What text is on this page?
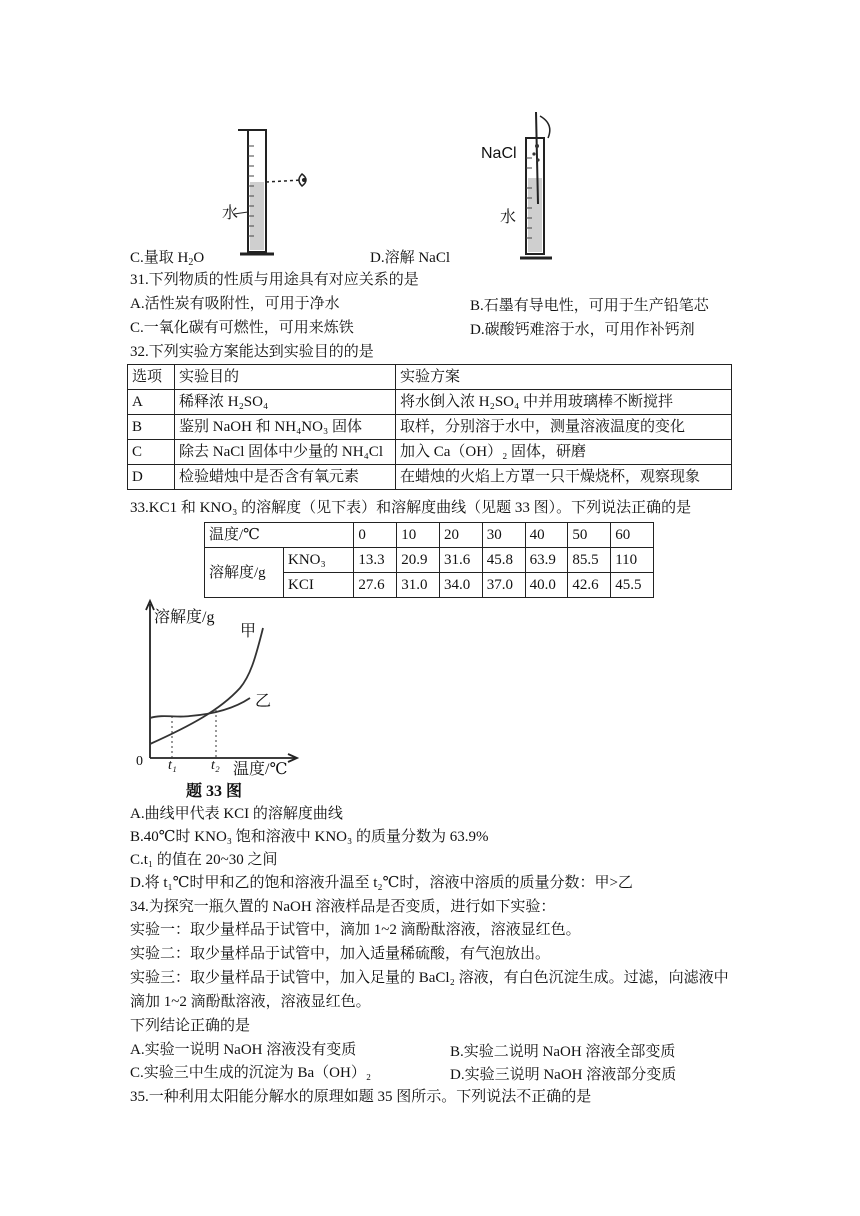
水
C.量取 $H_2O$
NaCl
水
D.溶解 NaCl
31.下列物质的性质与用途具有对应关系的是
A.活性炭有吸附性，可用于净水	B.石墨有导电性，可用于生产铅笔芯
C.一氧化碳有可燃性，可用来炼铁	D.碳酸钙难溶于水，可用作补钙剂
32.下列实验方案能达到实验目的的是
选项	实验目的	实验方案
A	稀释浓 H₂SO₄	将水倒入浓 H₂SO₄ 中并用玻璃棒不断搅拌
B	鉴别 NaOH 和 NH₄NO₃ 固体	取样，分别溶于水中，测量溶液温度的变化
C	除去 NaCl 固体中少量的 NH₄Cl	加入 Ca（OH）₂ 固体，研磨
D	检验蜡烛中是否含有氧元素	在蜡烛的火焰上方罩一只干燥烧杯，观察现象
33.KC1 和 KNO₃ 的溶解度（见下表）和溶解度曲线（见题 33 图）。下列说法正确的是
温度/℃		0	10	20	30	40	50	60
溶解度/g	KNO₃	13.3	20.9	31.6	45.8	63.9	85.5	110
	KCI	27.6	31.0	34.0	37.0	40.0	42.6	45.5
溶解度/g
甲
乙
0 t₁ t₂ 温度/℃
题 33 图
A.曲线甲代表 KCI 的溶解度曲线
B.40℃时 KNO₃ 饱和溶液中 KNO₃ 的质量分数为 63.9%
C.t₁ 的值在 20~30 之间
D.将 t₁℃时甲和乙的饱和溶液升温至 t₂℃时，溶液中溶质的质量分数：甲>乙
34.为探究一瓶久置的 NaOH 溶液样品是否变质，进行如下实验：
实验一：取少量样品于试管中，滴加 1~2 滴酚酞溶液，溶液显红色。
实验二：取少量样品于试管中，加入适量稀硫酸，有气泡放出。
实验三：取少量样品于试管中，加入足量的 BaCl₂ 溶液，有白色沉淀生成。过滤，向滤液中
滴加 1~2 滴酚酞溶液，溶液显红色。
下列结论正确的是
A.实验一说明 NaOH 溶液没有变质	B.实验二说明 NaOH 溶液全部变质
C.实验三中生成的沉淀为 Ba（OH）₂	D.实验三说明 NaOH 溶液部分变质
35.一种利用太阳能分解水的原理如题 35 图所示。下列说法不正确的是
